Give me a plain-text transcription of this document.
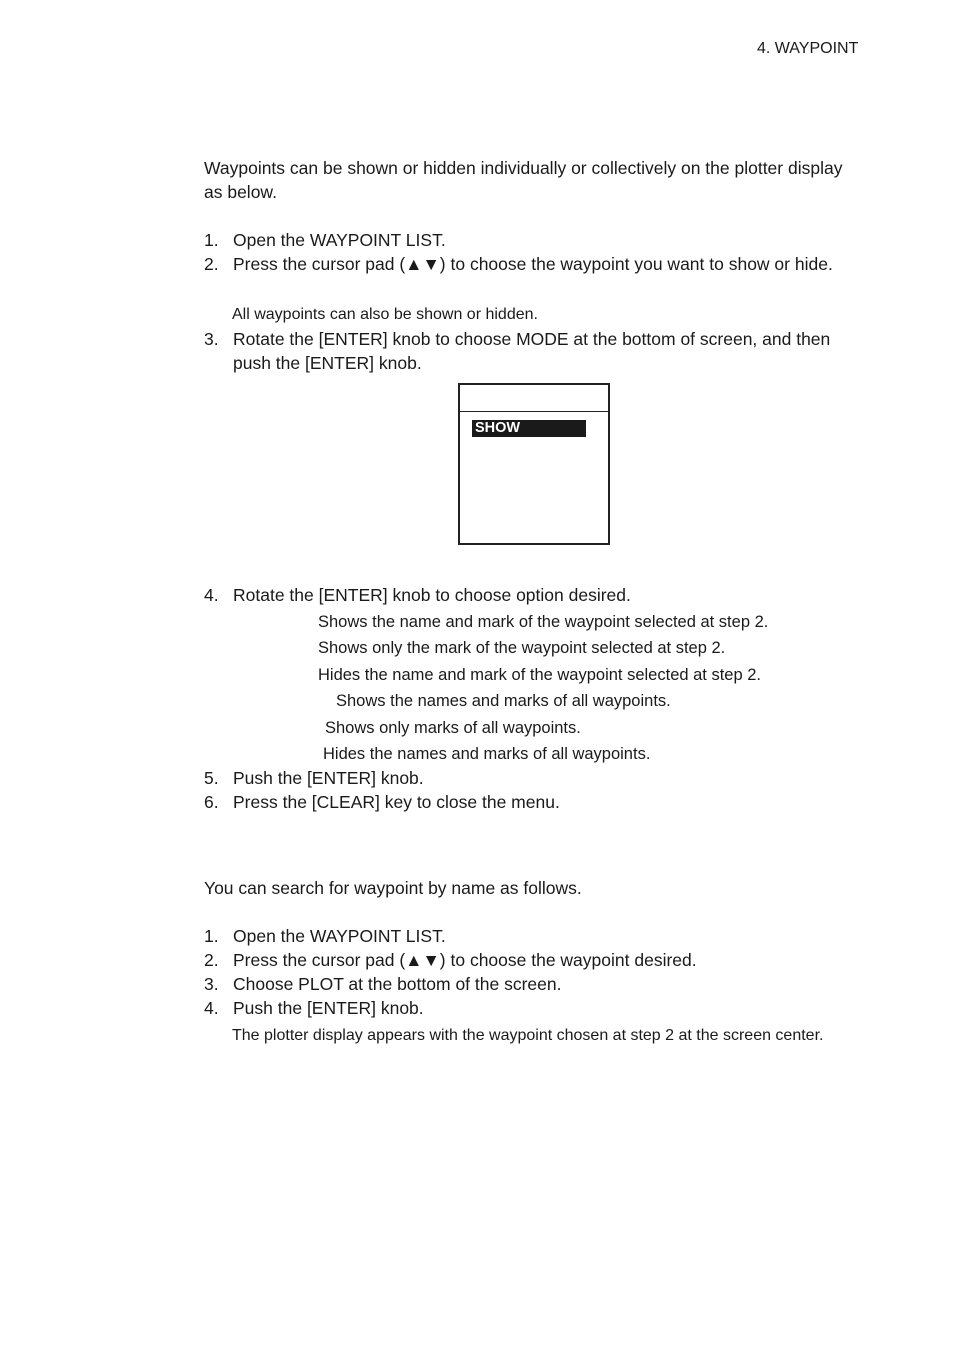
4. WAYPOINT
Waypoints can be shown or hidden individually or collectively on the plotter display as below.
1. Open the WAYPOINT LIST.
2. Press the cursor pad (▲▼) to choose the waypoint you want to show or hide.
All waypoints can also be shown or hidden.
3. Rotate the [ENTER] knob to choose MODE at the bottom of screen, and then push the [ENTER] knob.
SHOW
4. Rotate the [ENTER] knob to choose option desired.
Shows the name and mark of the waypoint selected at step 2.
Shows only the mark of the waypoint selected at step 2.
Hides the name and mark of the waypoint selected at step 2.
Shows the names and marks of all waypoints.
Shows only marks of all waypoints.
Hides the names and marks of all waypoints.
5. Push the [ENTER] knob.
6. Press the [CLEAR] key to close the menu.
You can search for waypoint by name as follows.
1. Open the WAYPOINT LIST.
2. Press the cursor pad (▲▼) to choose the waypoint desired.
3. Choose PLOT at the bottom of the screen.
4. Push the [ENTER] knob.
The plotter display appears with the waypoint chosen at step 2 at the screen center.
